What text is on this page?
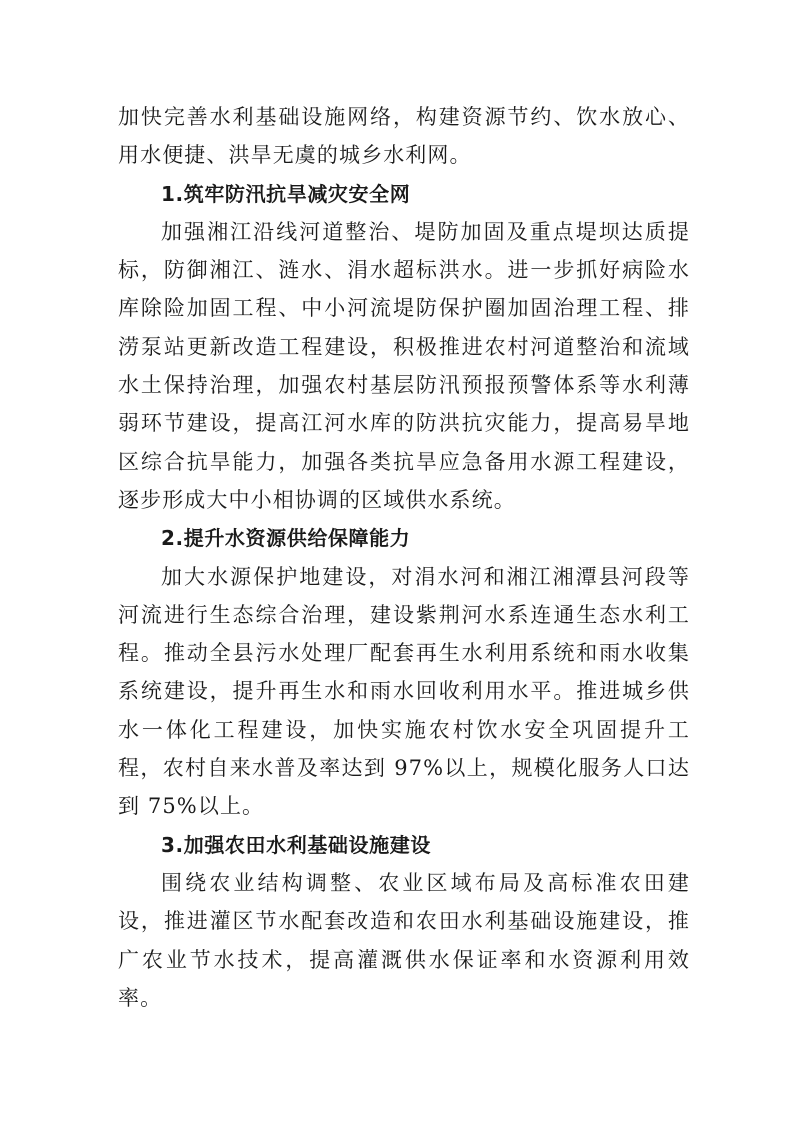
加快完善水利基础设施网络，构建资源节约、饮水放心、用水便捷、洪旱无虞的城乡水利网。

1.筑牢防汛抗旱减灾安全网

加强湘江沿线河道整治、堤防加固及重点堤坝达质提标，防御湘江、涟水、涓水超标洪水。进一步抓好病险水库除险加固工程、中小河流堤防保护圈加固治理工程、排涝泵站更新改造工程建设，积极推进农村河道整治和流域水土保持治理，加强农村基层防汛预报预警体系等水利薄弱环节建设，提高江河水库的防洪抗灾能力，提高易旱地区综合抗旱能力，加强各类抗旱应急备用水源工程建设，逐步形成大中小相协调的区域供水系统。

2.提升水资源供给保障能力

加大水源保护地建设，对涓水河和湘江湘潭县河段等河流进行生态综合治理，建设紫荆河水系连通生态水利工程。推动全县污水处理厂配套再生水利用系统和雨水收集系统建设，提升再生水和雨水回收利用水平。推进城乡供水一体化工程建设，加快实施农村饮水安全巩固提升工程，农村自来水普及率达到 97%以上，规模化服务人口达到 75%以上。

3.加强农田水利基础设施建设

围绕农业结构调整、农业区域布局及高标准农田建设，推进灌区节水配套改造和农田水利基础设施建设，推广农业节水技术，提高灌溉供水保证率和水资源利用效率。
